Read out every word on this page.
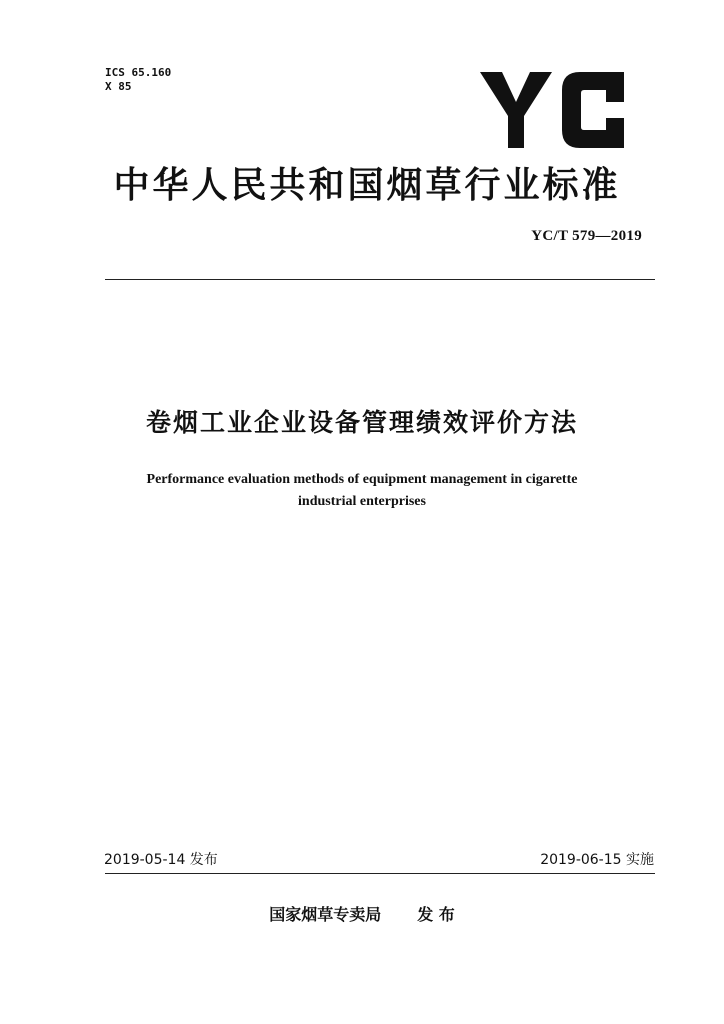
ICS 65.160
X 85
中华人民共和国烟草行业标准
YC/T 579—2019
卷烟工业企业设备管理绩效评价方法
Performance evaluation methods of equipment management in cigarette
industrial enterprises
2019-05-14 发布	2019-06-15 实施
国家烟草专卖局 发 布
